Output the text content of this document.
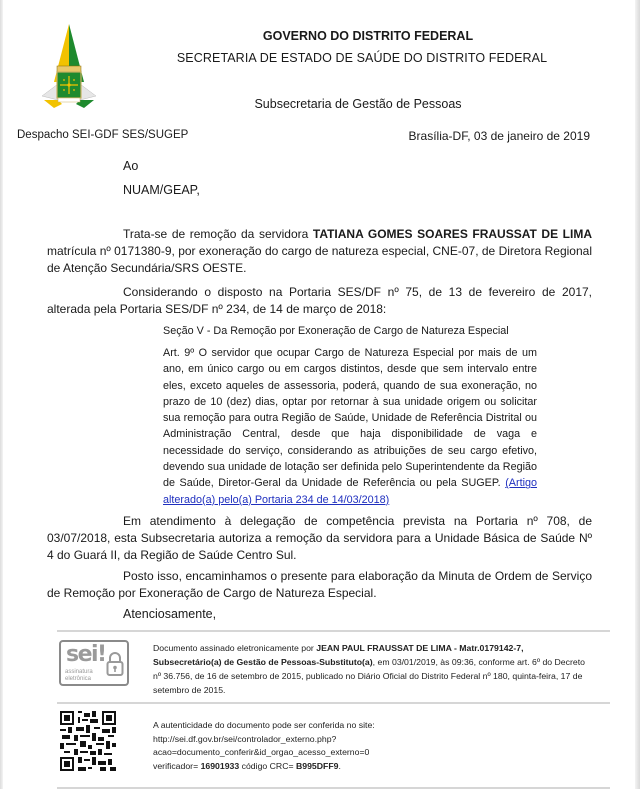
GOVERNO DO DISTRITO FEDERAL
SECRETARIA DE ESTADO DE SAÚDE DO DISTRITO FEDERAL
Subsecretaria de Gestão de Pessoas
Despacho SEI-GDF SES/SUGEP	Brasília-DF, 03 de janeiro de 2019
Ao
NUAM/GEAP,
Trata-se de remoção da servidora TATIANA GOMES SOARES FRAUSSAT DE LIMA matrícula nº 0171380-9, por exoneração do cargo de natureza especial, CNE-07, de Diretora Regional de Atenção Secundária/SRS OESTE.
Considerando o disposto na Portaria SES/DF nº 75, de 13 de fevereiro de 2017, alterada pela Portaria SES/DF nº 234, de 14 de março de 2018:
Seção V - Da Remoção por Exoneração de Cargo de Natureza Especial
Art. 9º O servidor que ocupar Cargo de Natureza Especial por mais de um ano, em único cargo ou em cargos distintos, desde que sem intervalo entre eles, exceto aqueles de assessoria, poderá, quando de sua exoneração, no prazo de 10 (dez) dias, optar por retornar à sua unidade origem ou solicitar sua remoção para outra Região de Saúde, Unidade de Referência Distrital ou Administração Central, desde que haja disponibilidade de vaga e necessidade do serviço, considerando as atribuições de seu cargo efetivo, devendo sua unidade de lotação ser definida pelo Superintendente da Região de Saúde, Diretor-Geral da Unidade de Referência ou pela SUGEP. (Artigo alterado(a) pelo(a) Portaria 234 de 14/03/2018)
Em atendimento à delegação de competência prevista na Portaria nº 708, de 03/07/2018, esta Subsecretaria autoriza a remoção da servidora para a Unidade Básica de Saúde Nº 4 do Guará II, da Região de Saúde Centro Sul.
Posto isso, encaminhamos o presente para elaboração da Minuta de Ordem de Serviço de Remoção por Exoneração de Cargo de Natureza Especial.
Atenciosamente,
sei!
assinatura
eletrônica
Documento assinado eletronicamente por JEAN PAUL FRAUSSAT DE LIMA - Matr.0179142-7, Subsecretário(a) de Gestão de Pessoas-Substituto(a), em 03/01/2019, às 09:36, conforme art. 6º do Decreto nº 36.756, de 16 de setembro de 2015, publicado no Diário Oficial do Distrito Federal nº 180, quinta-feira, 17 de setembro de 2015.
A autenticidade do documento pode ser conferida no site:
http://sei.df.gov.br/sei/controlador_externo.php?
acao=documento_conferir&id_orgao_acesso_externo=0
verificador= 16901933 código CRC= B995DFF9.
